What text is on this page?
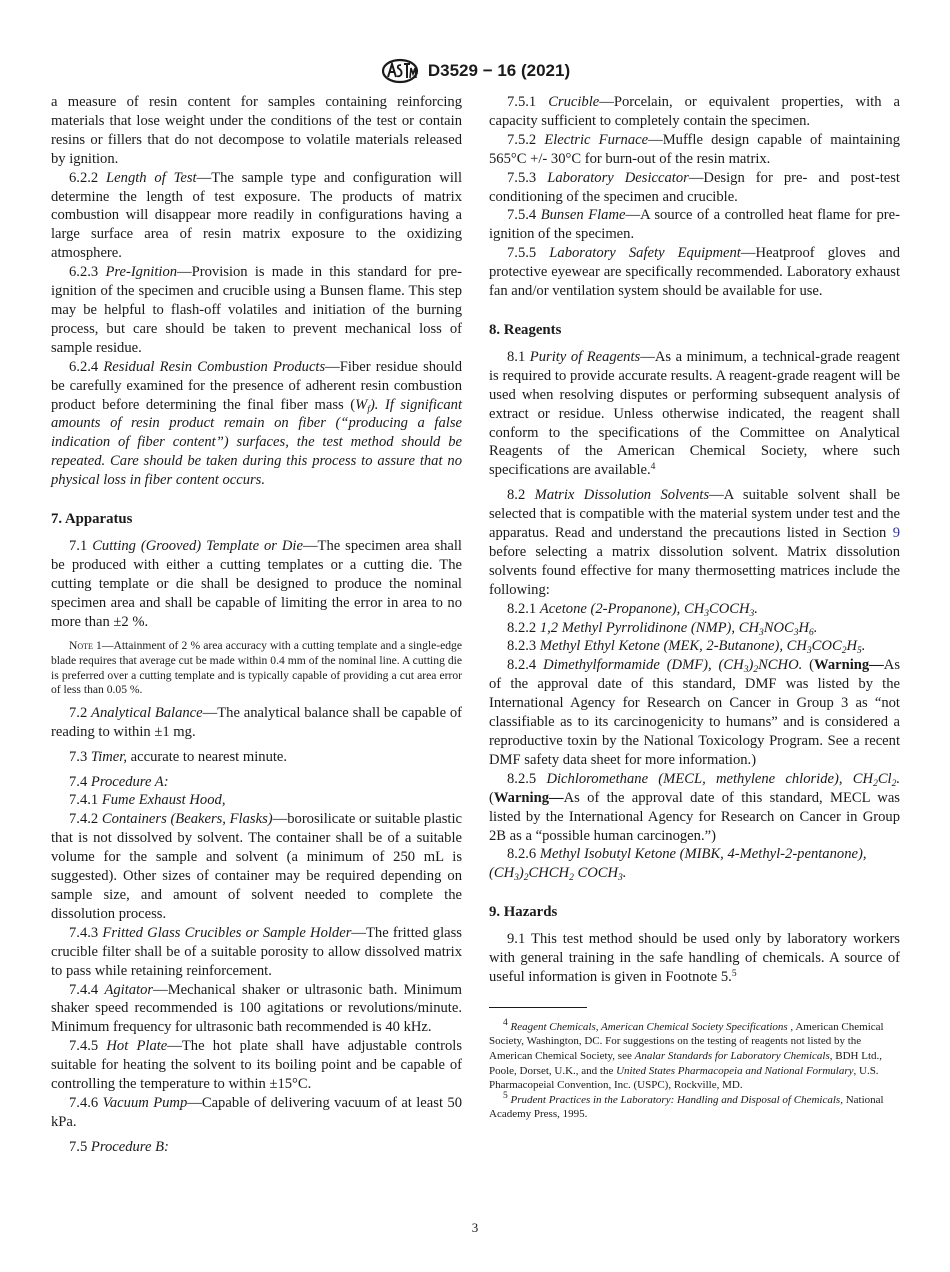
D3529 − 16 (2021)

a measure of resin content for samples containing reinforcing materials that lose weight under the conditions of the test or contain resins or fillers that do not decompose to volatile materials released by ignition.

6.2.2 Length of Test—The sample type and configuration will determine the length of test exposure. The products of matrix combustion will disappear more readily in configurations having a large surface area of resin matrix exposure to the oxidizing atmosphere.

6.2.3 Pre-Ignition—Provision is made in this standard for pre-ignition of the specimen and crucible using a Bunsen flame. This step may be helpful to flash-off volatiles and initiation of the burning process, but care should be taken to prevent mechanical loss of sample residue.

6.2.4 Residual Resin Combustion Products—Fiber residue should be carefully examined for the presence of adherent resin combustion product before determining the final fiber mass $(W_f)$. If significant amounts of resin product remain on fiber (“producing a false indication of fiber content”) surfaces, the test method should be repeated. Care should be taken during this process to assure that no physical loss in fiber content occurs.

7. Apparatus

7.1 Cutting (Grooved) Template or Die—The specimen area shall be produced with either a cutting templates or a cutting die. The cutting template or die shall be designed to produce the nominal specimen area and shall be capable of limiting the error in area to no more than ±2 %.

Note 1—Attainment of 2 % area accuracy with a cutting template and a single-edge blade requires that average cut be made within 0.4 mm of the nominal line. A cutting die is preferred over a cutting template and is typically capable of providing a cut area error of less than 0.05 %.

7.2 Analytical Balance—The analytical balance shall be capable of reading to within ±1 mg.

7.3 Timer, accurate to nearest minute.

7.4 Procedure A:

7.4.1 Fume Exhaust Hood,

7.4.2 Containers (Beakers, Flasks)—borosilicate or suitable plastic that is not dissolved by solvent. The container shall be of a suitable volume for the sample and solvent (a minimum of 250 mL is suggested). Other sizes of container may be required depending on sample size, and amount of solvent needed to complete the dissolution process.

7.4.3 Fritted Glass Crucibles or Sample Holder—The fritted glass crucible filter shall be of a suitable porosity to allow dissolved matrix to pass while retaining reinforcement.

7.4.4 Agitator—Mechanical shaker or ultrasonic bath. Minimum shaker speed recommended is 100 agitations or revolutions/minute. Minimum frequency for ultrasonic bath recommended is 40 kHz.

7.4.5 Hot Plate—The hot plate shall have adjustable controls suitable for heating the solvent to its boiling point and be capable of controlling the temperature to within ±15°C.

7.4.6 Vacuum Pump—Capable of delivering vacuum of at least 50 kPa.

7.5 Procedure B:

7.5.1 Crucible—Porcelain, or equivalent properties, with a capacity sufficient to completely contain the specimen.

7.5.2 Electric Furnace—Muffle design capable of maintaining 565°C +/- 30°C for burn-out of the resin matrix.

7.5.3 Laboratory Desiccator—Design for pre- and post-test conditioning of the specimen and crucible.

7.5.4 Bunsen Flame—A source of a controlled heat flame for pre-ignition of the specimen.

7.5.5 Laboratory Safety Equipment—Heatproof gloves and protective eyewear are specifically recommended. Laboratory exhaust fan and/or ventilation system should be available for use.

8. Reagents

8.1 Purity of Reagents—As a minimum, a technical-grade reagent is required to provide accurate results. A reagent-grade reagent will be used when resolving disputes or performing subsequent analysis of extract or residue. Unless otherwise indicated, the reagent shall conform to the specifications of the Committee on Analytical Reagents of the American Chemical Society, where such specifications are available.$^4$

8.2 Matrix Dissolution Solvents—A suitable solvent shall be selected that is compatible with the material system under test and the apparatus. Read and understand the precautions listed in Section 9 before selecting a matrix dissolution solvent. Matrix dissolution solvents found effective for many thermosetting matrices include the following:

8.2.1 Acetone (2-Propanone), $CH_3COCH_3$.

8.2.2 1,2 Methyl Pyrrolidinone (NMP), $CH_3NOC_3H_6$.

8.2.3 Methyl Ethyl Ketone (MEK, 2-Butanone), $CH_3COC_2H_5$.

8.2.4 Dimethylformamide (DMF), $(CH_3)_2NCHO$. (Warning—As of the approval date of this standard, DMF was listed by the International Agency for Research on Cancer in Group 3 as “not classifiable as to its carcinogenicity to humans” and is considered a reproductive toxin by the National Toxicology Program. See a recent DMF safety data sheet for more information.)

8.2.5 Dichloromethane (MECL, methylene chloride), $CH_2Cl_2$. (Warning—As of the approval date of this standard, MECL was listed by the International Agency for Research on Cancer in Group 2B as a “possible human carcinogen.”)

8.2.6 Methyl Isobutyl Ketone (MIBK, 4-Methyl-2-pentanone), $(CH_3)_2CHCH_2$ $COCH_3$.

9. Hazards

9.1 This test method should be used only by laboratory workers with general training in the safe handling of chemicals. A source of useful information is given in Footnote 5.$^5$

$^4$ Reagent Chemicals, American Chemical Society Specifications , American Chemical Society, Washington, DC. For suggestions on the testing of reagents not listed by the American Chemical Society, see Analar Standards for Laboratory Chemicals, BDH Ltd., Poole, Dorset, U.K., and the United States Pharmacopeia and National Formulary, U.S. Pharmacopeial Convention, Inc. (USPC), Rockville, MD.

$^5$ Prudent Practices in the Laboratory: Handling and Disposal of Chemicals, National Academy Press, 1995.

3
